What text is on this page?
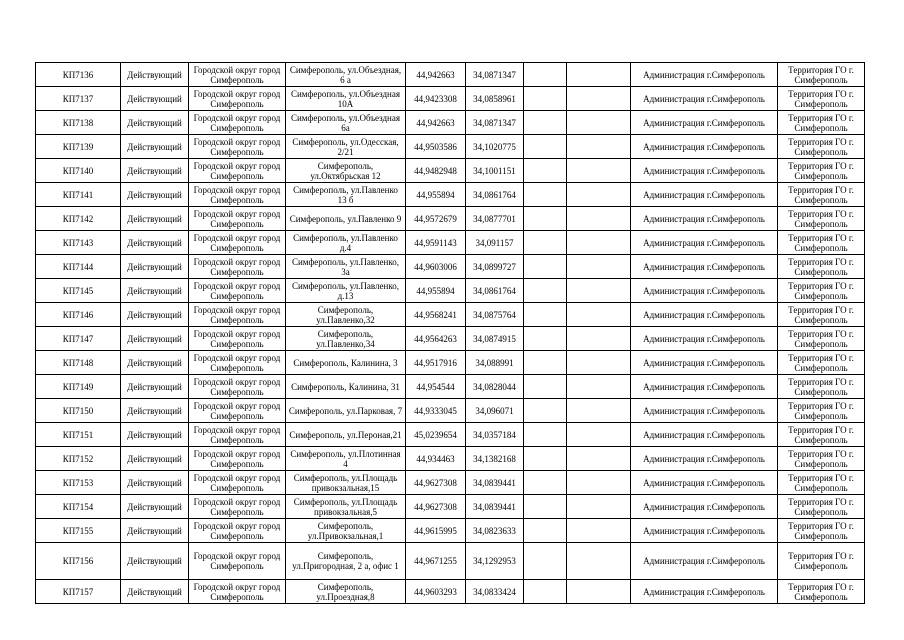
КП7136	Действующий	Городской округ город Симферополь	Симферополь, ул.Объездная, 6 а	44,942663	34,0871347			Администрация г.Симферополь	Территория ГО г. Симферополь
КП7137	Действующий	Городской округ город Симферополь	Симферополь, ул.Объездная 10А	44,9423308	34,0858961			Администрация г.Симферополь	Территория ГО г. Симферополь
КП7138	Действующий	Городской округ город Симферополь	Симферополь, ул.Объездная 6а	44,942663	34,0871347			Администрация г.Симферополь	Территория ГО г. Симферополь
КП7139	Действующий	Городской округ город Симферополь	Симферополь, ул.Одесская, 2/21	44,9503586	34,1020775			Администрация г.Симферополь	Территория ГО г. Симферополь
КП7140	Действующий	Городской округ город Симферополь	Симферополь, ул.Октябрьская 12	44,9482948	34,1001151			Администрация г.Симферополь	Территория ГО г. Симферополь
КП7141	Действующий	Городской округ город Симферополь	Симферополь, ул.Павленко 13 б	44,955894	34,0861764			Администрация г.Симферополь	Территория ГО г. Симферополь
КП7142	Действующий	Городской округ город Симферополь	Симферополь, ул.Павленко 9	44,9572679	34,0877701			Администрация г.Симферополь	Территория ГО г. Симферополь
КП7143	Действующий	Городской округ город Симферополь	Симферополь, ул.Павленко д.4	44,9591143	34,091157			Администрация г.Симферополь	Территория ГО г. Симферополь
КП7144	Действующий	Городской округ город Симферополь	Симферополь, ул.Павленко, 3а	44,9603006	34,0899727			Администрация г.Симферополь	Территория ГО г. Симферополь
КП7145	Действующий	Городской округ город Симферополь	Симферополь, ул.Павленко, д.13	44,955894	34,0861764			Администрация г.Симферополь	Территория ГО г. Симферополь
КП7146	Действующий	Городской округ город Симферополь	Симферополь, ул.Павленко,32	44,9568241	34,0875764			Администрация г.Симферополь	Территория ГО г. Симферополь
КП7147	Действующий	Городской округ город Симферополь	Симферополь, ул.Павленко,34	44,9564263	34,0874915			Администрация г.Симферополь	Территория ГО г. Симферополь
КП7148	Действующий	Городской округ город Симферополь	Симферополь, Калинина, 3	44,9517916	34,088991			Администрация г.Симферополь	Территория ГО г. Симферополь
КП7149	Действующий	Городской округ город Симферополь	Симферополь, Калинина, 31	44,954544	34,0828044			Администрация г.Симферополь	Территория ГО г. Симферополь
КП7150	Действующий	Городской округ город Симферополь	Симферополь, ул.Парковая, 7	44,9333045	34,096071			Администрация г.Симферополь	Территория ГО г. Симферополь
КП7151	Действующий	Городской округ город Симферополь	Симферополь, ул.Пероная,21	45,0239654	34,0357184			Администрация г.Симферополь	Территория ГО г. Симферополь
КП7152	Действующий	Городской округ город Симферополь	Симферополь, ул.Плотинная 4	44,934463	34,1382168			Администрация г.Симферополь	Территория ГО г. Симферополь
КП7153	Действующий	Городской округ город Симферополь	Симферополь, ул.Площадь привокзальная,15	44,9627308	34,0839441			Администрация г.Симферополь	Территория ГО г. Симферополь
КП7154	Действующий	Городской округ город Симферополь	Симферополь, ул.Площадь привокзальная,5	44,9627308	34,0839441			Администрация г.Симферополь	Территория ГО г. Симферополь
КП7155	Действующий	Городской округ город Симферополь	Симферополь, ул.Привокзальная,1	44,9615995	34,0823633			Администрация г.Симферополь	Территория ГО г. Симферополь
КП7156	Действующий	Городской округ город Симферополь	Симферополь, ул.Пригородная, 2 а, офис 1	44,9671255	34,1292953			Администрация г.Симферополь	Территория ГО г. Симферополь
КП7157	Действующий	Городской округ город Симферополь	Симферополь, ул.Проездная,8	44,9603293	34,0833424			Администрация г.Симферополь	Территория ГО г. Симферополь
